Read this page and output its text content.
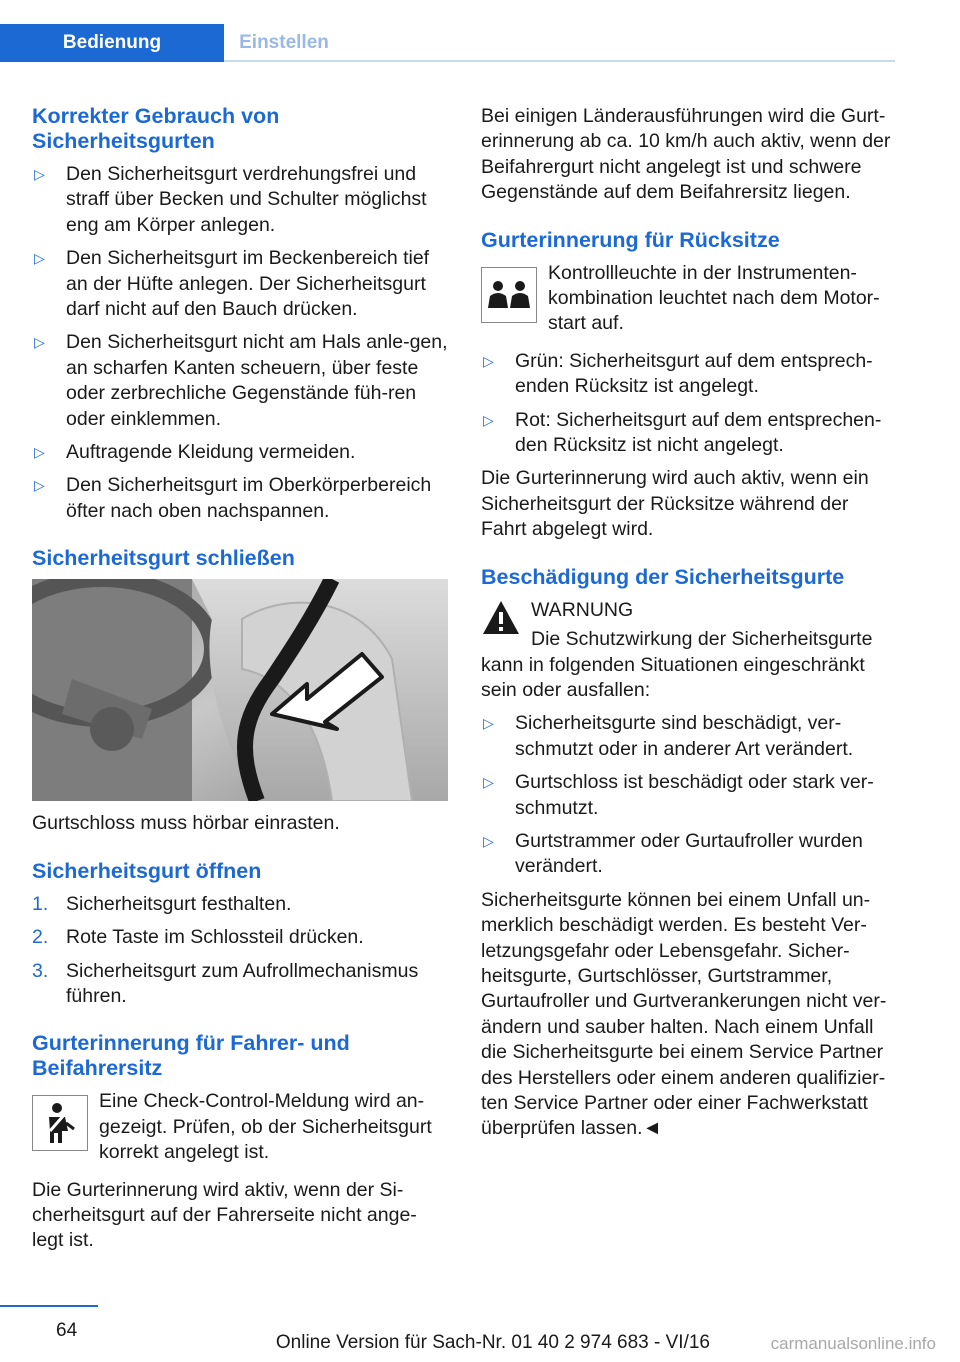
Bedienung	Einstellen
Korrekter Gebrauch von Sicherheitsgurten
▷
Den Sicherheitsgurt verdrehungsfrei und straff über Becken und Schulter möglichst eng am Körper anlegen.
▷
Den Sicherheitsgurt im Beckenbereich tief an der Hüfte anlegen. Der Sicherheitsgurt darf nicht auf den Bauch drücken.
▷
Den Sicherheitsgurt nicht am Hals anle‐gen, an scharfen Kanten scheuern, über feste oder zerbrechliche Gegenstände füh‐ren oder einklemmen.
▷
Auftragende Kleidung vermeiden.
▷
Den Sicherheitsgurt im Oberkörperbereich öfter nach oben nachspannen.
Sicherheitsgurt schließen

Gurtschloss muss hörbar einrasten.

Sicherheitsgurt öffnen
1. Sicherheitsgurt festhalten.
2. Rote Taste im Schlossteil drücken.
3. Sicherheitsgurt zum Aufrollmechanismus führen.
Gurterinnerung für Fahrer- und Beifahrersitz
Eine Check-Control-Meldung wird an‐gezeigt. Prüfen, ob der Sicherheitsgurt korrekt angelegt ist.

Die Gurterinnerung wird aktiv, wenn der Si‐cherheitsgurt auf der Fahrerseite nicht ange‐legt ist.

Bei einigen Länderausführungen wird die Gurt‐erinnerung ab ca. 10 km/h auch aktiv, wenn der Beifahrergurt nicht angelegt ist und schwere Gegenstände auf dem Beifahrersitz liegen.

Gurterinnerung für Rücksitze
Kontrollleuchte in der Instrumenten‐kombination leuchtet nach dem Motor‐start auf.
▷
Grün: Sicherheitsgurt auf dem entsprech‐enden Rücksitz ist angelegt.
▷
Rot: Sicherheitsgurt auf dem entsprechen‐den Rücksitz ist nicht angelegt.

Die Gurterinnerung wird auch aktiv, wenn ein Sicherheitsgurt der Rücksitze während der Fahrt abgelegt wird.

Beschädigung der Sicherheitsgurte
WARNUNG

Die Schutzwirkung der Sicherheitsgurte kann in folgenden Situationen eingeschränkt sein oder ausfallen:

▷
Sicherheitsgurte sind beschädigt, ver‐schmutzt oder in anderer Art verändert.
▷
Gurtschloss ist beschädigt oder stark ver‐schmutzt.
▷
Gurtstrammer oder Gurtaufroller wurden verändert.

Sicherheitsgurte können bei einem Unfall un‐merklich beschädigt werden. Es besteht Ver‐letzungsgefahr oder Lebensgefahr. Sicher‐heitsgurte, Gurtschlösser, Gurtstrammer, Gurtaufroller und Gurtverankerungen nicht ver‐ändern und sauber halten. Nach einem Unfall die Sicherheitsgurte bei einem Service Partner des Herstellers oder einem anderen qualifizier‐ten Service Partner oder einer Fachwerkstatt überprüfen lassen.◄

64
Online Version für Sach-Nr. 01 40 2 974 683 - VI/16	carmanualsonline.info
